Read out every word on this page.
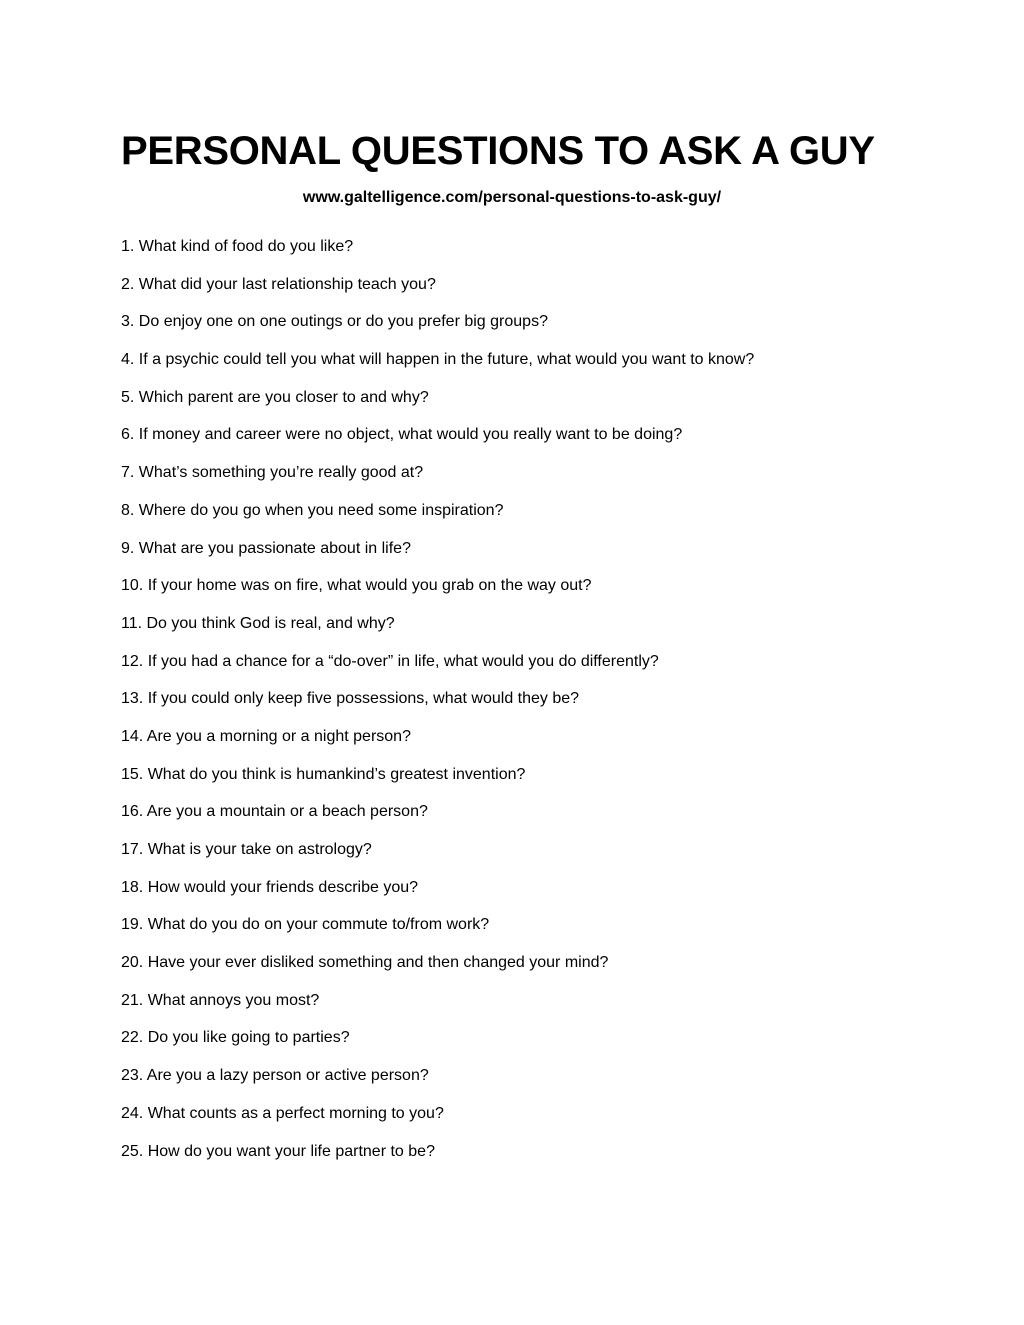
PERSONAL QUESTIONS TO ASK A GUY
www.galtelligence.com/personal-questions-to-ask-guy/
1. What kind of food do you like?
2. What did your last relationship teach you?
3. Do enjoy one on one outings or do you prefer big groups?
4. If a psychic could tell you what will happen in the future, what would you want to know?
5. Which parent are you closer to and why?
6. If money and career were no object, what would you really want to be doing?
7. What’s something you’re really good at?
8. Where do you go when you need some inspiration?
9. What are you passionate about in life?
10. If your home was on fire, what would you grab on the way out?
11. Do you think God is real, and why?
12. If you had a chance for a “do-over” in life, what would you do differently?
13. If you could only keep five possessions, what would they be?
14. Are you a morning or a night person?
15. What do you think is humankind’s greatest invention?
16. Are you a mountain or a beach person?
17. What is your take on astrology?
18. How would your friends describe you?
19. What do you do on your commute to/from work?
20. Have your ever disliked something and then changed your mind?
21. What annoys you most?
22. Do you like going to parties?
23. Are you a lazy person or active person?
24. What counts as a perfect morning to you?
25. How do you want your life partner to be?
